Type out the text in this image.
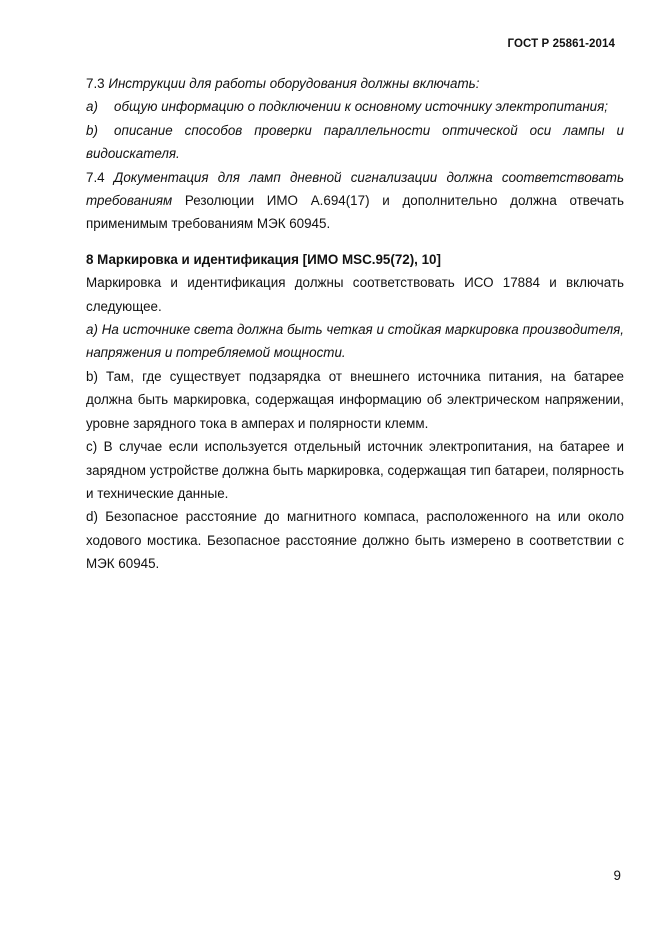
ГОСТ Р 25861-2014

7.3 Инструкции для работы оборудования должны включать:

a) общую информацию о подключении к основному источнику электропитания;

b) описание способов проверки параллельности оптической оси лампы и видоискателя.

7.4 Документация для ламп дневной сигнализации должна соответствовать требованиям Резолюции ИМО А.694(17) и дополнительно должна отвечать применимым требованиям МЭК 60945.

8 Маркировка и идентификация [ИМО MSC.95(72), 10]

Маркировка и идентификация должны соответствовать ИСО 17884 и включать следующее.

а) На источнике света должна быть четкая и стойкая маркировка производителя, напряжения и потребляемой мощности.

b) Там, где существует подзарядка от внешнего источника питания, на батарее должна быть маркировка, содержащая информацию об электрическом напряжении, уровне зарядного тока в амперах и полярности клемм.

c) В случае если используется отдельный источник электропитания, на батарее и зарядном устройстве должна быть маркировка, содержащая тип батареи, полярность и технические данные.

d) Безопасное расстояние до магнитного компаса, расположенного на или около ходового мостика. Безопасное расстояние должно быть измерено в соответствии с МЭК 60945.

9
